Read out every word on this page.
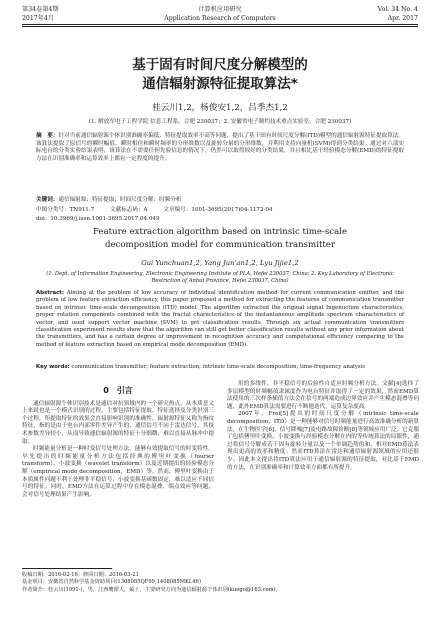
第34卷第4期
2017年4月
计算机应用研究
Application Research of Computers
Vol. 34 No. 4
Apr. 2017
基于固有时间尺度分解模型的
通信辐射源特征提取算法*
桂云川1,2，杨俊安1,2，吕季杰1,2
(1. 解放军电子工程学院 信息工程系，合肥 230037；2. 安徽省电子制约技术重点实验室，合肥 230037)
摘　要：针对当前通信辐射源个体识别准确率偏低、特征提取效率不高等问题，提出了基于固有时间尺度分解(ITD)模型的通信辐射源特征提取算法。该算法提取了原信号的瞬时幅值、瞬时相位和瞬时频率的分形维数以及旋转分量的分形维数，并利用支持向量机(SVM)得到分类结果。通过对六部实际电台的分类实验结果表明，该算法在不需要任何先验信息的情况下，仍然可以取得较好的分类结果，并且相比基于经验模态分解(EMD)的特征提取方法在识别准确率和运算效率上都有一定程度的提升。
关键词：通信辐射源；特征提取；时间尺度分解；时频分析
中图分类号：TN911.7	文献标志码：A	文章编号：1001-3695(2017)04-1172-04
doi：10.3969/j.issn.1001-3695.2017.04.049
Feature extraction algorithm based on intrinsic time-scale
decomposition model for communication transmitter
Gui Yunchuan1,2, Yang Jun'an1,2, Lyu Jijie1,2
(1. Dept. of Information Engineering, Electronic Engineering Institute of PLA, Hefei 230037, China; 2. Key Laboratory of Electronic Restriction of Anhui Province, Hefei 230037, China)
Abstract: Aiming at the problem of low accuracy of individual identification method for current communication emitter, and the problem of low feature extraction efficiency, this paper proposed a method for extracting the features of communication transmitter based on intrinsic time-scale decomposition (ITD) model. The algorithm extracted the original signal Ingenuctum characteristics, proper rotation components combined with the fractal characteristics of the instantaneous amplitude spectrum characteristics of vector, and used support vector machine (SVM) to get classification results. Through six actual communication transmitters classification experiment results show that the algorithm can still get better classification results without any prior information about the transmitters, and has a certain degree of improvement in recognition accuracy and computational efficiency comparing to the method of feature extraction based on empirical mode decomposition (EMD).
Key words: communication transmitter; feature extraction; intrinsic time-scale decomposition; time-frequency analysis
0　引言

通信辐射源个体识别技术是通信对抗领域内的一个研究热点，从本质意义上来说也是一个模式识别的过程，主要包括特征提取、特征选择及分类识别三个过程，所提取特征的效果会直接影响识别的准确性。辐射源特征又称为指纹特征，指的是由于电台内部零件差异产生的、通信信号不同于雷达信号，其技术参数差异较小，从而导致通信辐射源的特征十分细微，难以直接从脉冲中提取。

时频能量分析是一种时变信号处理方法，能够有效提取信号的时变特性。早先提出的时频能量分析方法包括经典的傅里叶变换（fourier transform）、小波变换（wavelet transform）以及近期提出的经验模态分解（empirical mode decomposition，EMD）等。然而，傅里叶变换由于本质属性问题不利于处理非平稳信号，小波变换基函数固定，难以适应不同信号的特征。同时，EMD方法在运算过程中存在模态混叠、端点效应等问题，会对信号处理结果产生影响。

用的多线性、非平稳信号的后验性自适应时频分析方法。文献[4]选择了多层模型的时频幅值隶属度作为电台特征并取得了一定的效果，然而EMD算法使用的三次样条插值方法会在信号的两端造成边界效应并产生模态混叠等问题，此外EMD算法需要进行不断地迭代，运算复杂度高。

2007年，Frei[5]提出的时间尺度分解（intrinsic time-scale decomposition，ITD）是一种能够对信号时频能量进行高效准确分析的新算法，在生物医学[6]、信号降噪[7]及电路故障诊断[8]等领域应用广泛。它克服了包括傅里叶变换、小波变换与经验模态分解在内的等传统算法的局限性，通过将信号分解成若干固有旋转分量以及一个单调趋势的和，相对EMD算法表现出更高的效率和精度。然而ITD算法在雷达和通信辐射源领域的应用还很少。因此本文提出将ITD算法应用于通信辐射源的特征提取，对比基于EMD的方法，在识别准确率和计算效率方面都有所提升。

收稿日期：2016-02-16；修回日期：2016-03-21
基金项目：安徽省自然科学基金资助项目(1308085QF99,1408085MKL46)
作者简介：桂云川(1991-)，男，江西鹰潭人，硕士，主要研究方向为通信辐射源个体识别(kuogo@163.com)。
